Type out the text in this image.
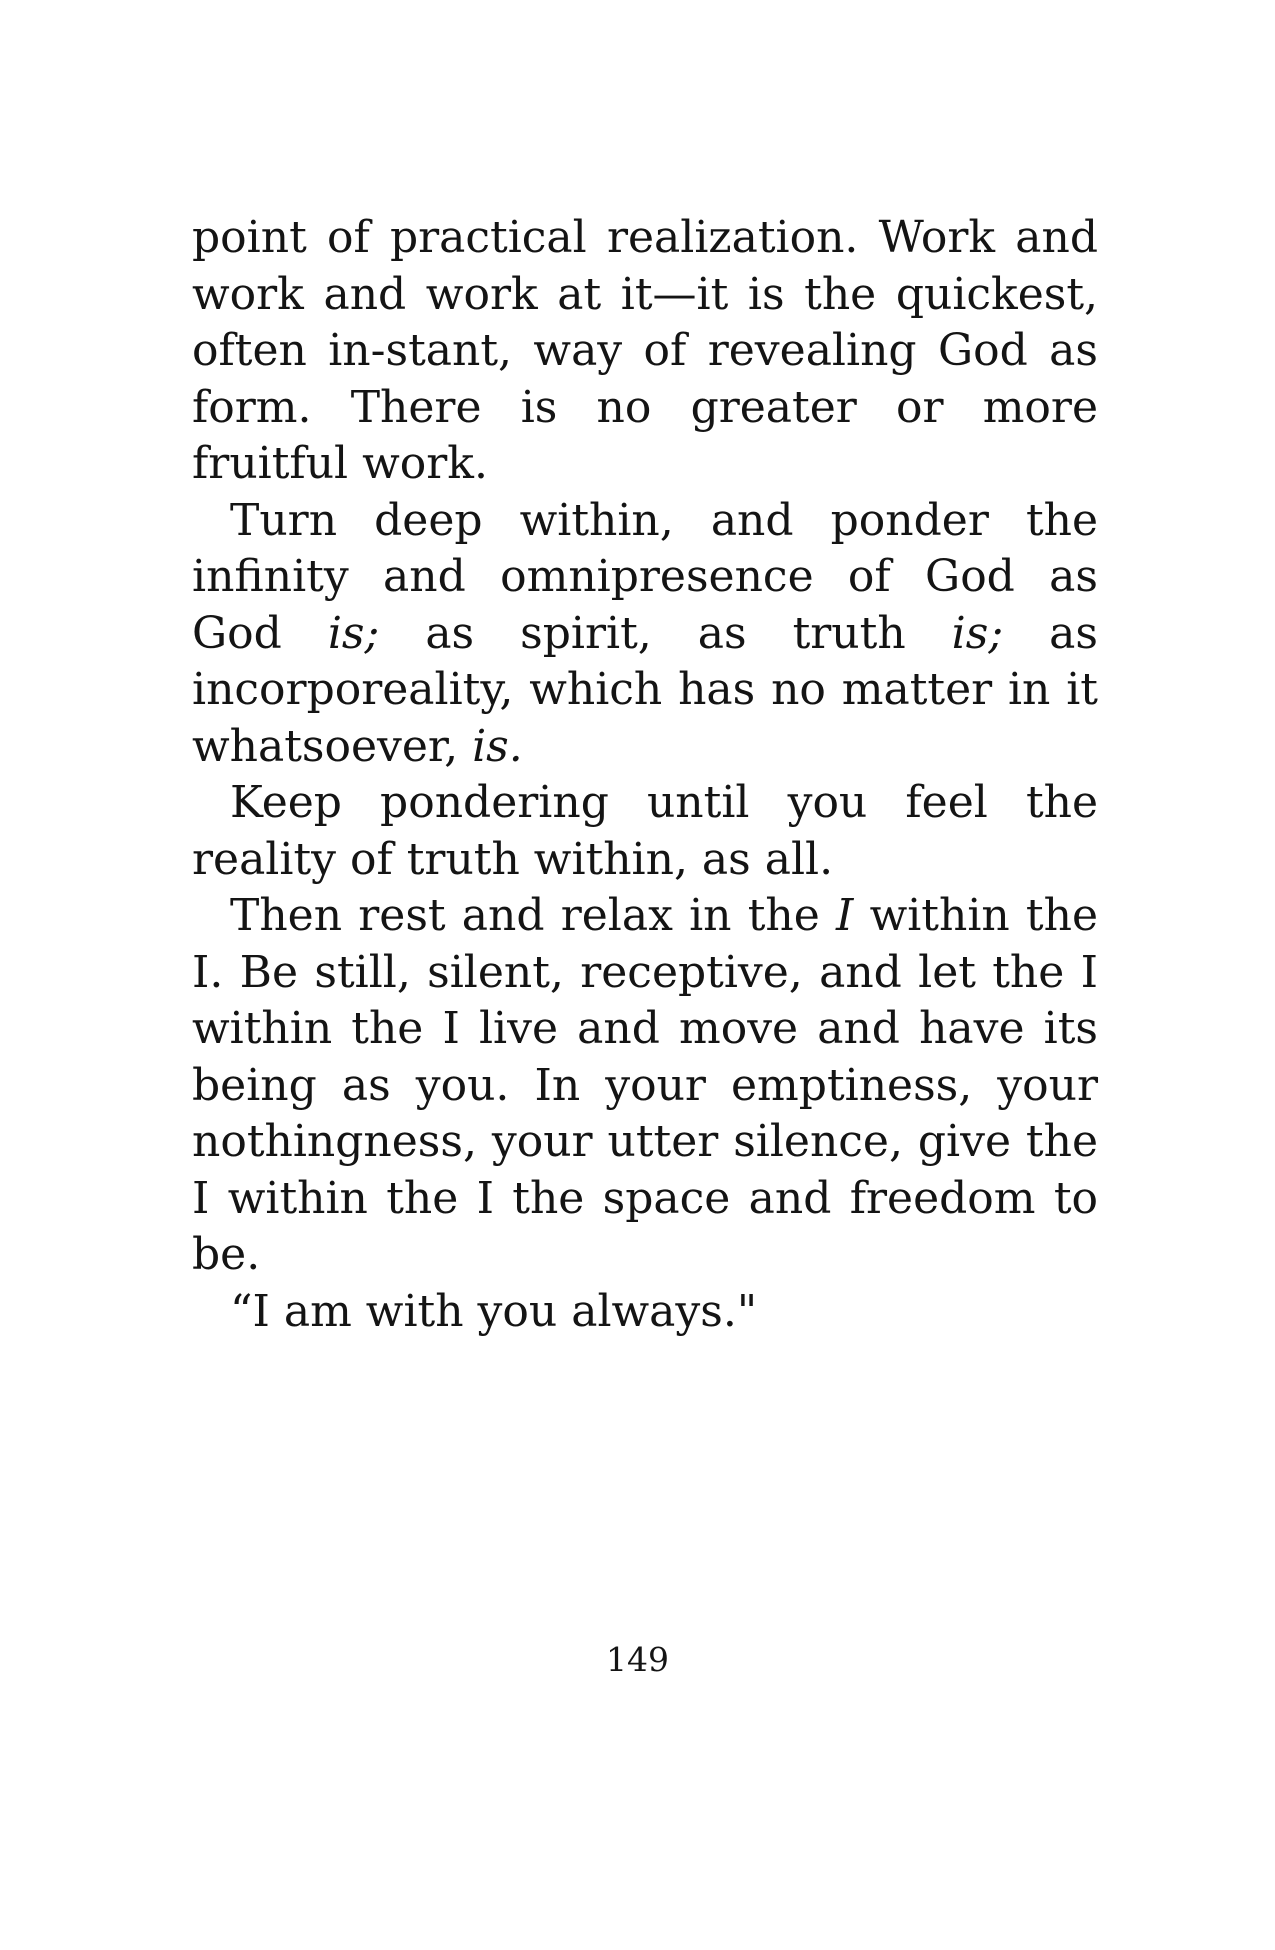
point of practical realization. Work and work and work at it—it is the quickest, often in-stant, way of revealing God as form. There is no greater or more fruitful work.

Turn deep within, and ponder the infinity and omnipresence of God as God is; as spirit, as truth is; as incorporeality, which has no matter in it whatsoever, is.

Keep pondering until you feel the reality of truth within, as all.

Then rest and relax in the I within the I. Be still, silent, receptive, and let the I within the I live and move and have its being as you. In your emptiness, your nothingness, your utter silence, give the I within the I the space and freedom to be.

“I am with you always."

149
